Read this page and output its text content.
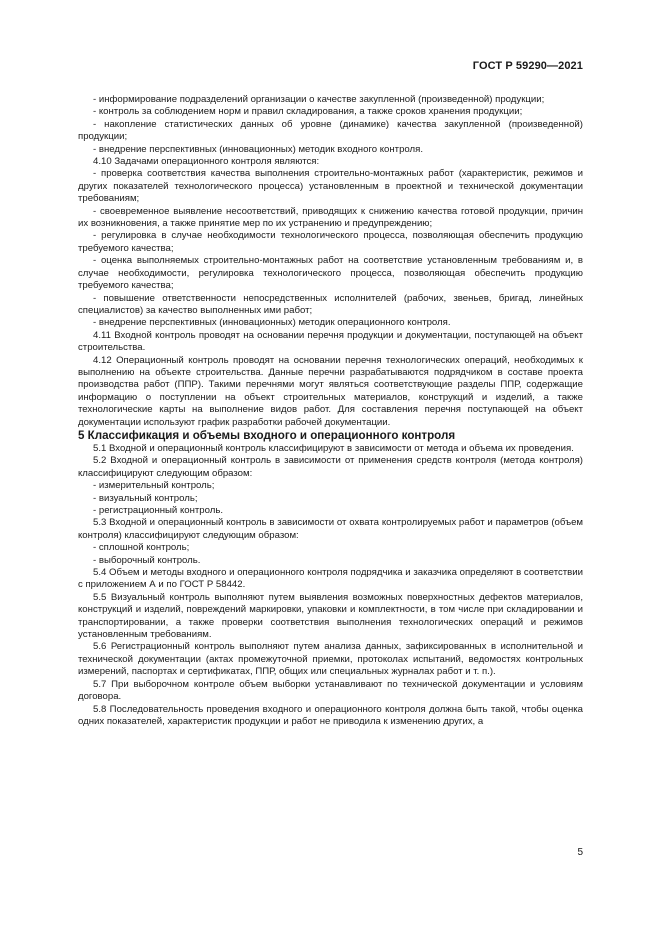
ГОСТ Р 59290—2021

- информирование подразделений организации о качестве закупленной (произведенной) продукции;

- контроль за соблюдением норм и правил складирования, а также сроков хранения продукции;

- накопление статистических данных об уровне (динамике) качества закупленной (произведенной) продукции;

- внедрение перспективных (инновационных) методик входного контроля.

4.10 Задачами операционного контроля являются:

- проверка соответствия качества выполнения строительно-монтажных работ (характеристик, режимов и других показателей технологического процесса) установленным в проектной и технической документации требованиям;

- своевременное выявление несоответствий, приводящих к снижению качества готовой продукции, причин их возникновения, а также принятие мер по их устранению и предупреждению;

- регулировка в случае необходимости технологического процесса, позволяющая обеспечить продукцию требуемого качества;

- оценка выполняемых строительно-монтажных работ на соответствие установленным требованиям и, в случае необходимости, регулировка технологического процесса, позволяющая обеспечить продукцию требуемого качества;

- повышение ответственности непосредственных исполнителей (рабочих, звеньев, бригад, линейных специалистов) за качество выполненных ими работ;

- внедрение перспективных (инновационных) методик операционного контроля.

4.11 Входной контроль проводят на основании перечня продукции и документации, поступающей на объект строительства.

4.12 Операционный контроль проводят на основании перечня технологических операций, необходимых к выполнению на объекте строительства. Данные перечни разрабатываются подрядчиком в составе проекта производства работ (ППР). Такими перечнями могут являться соответствующие разделы ППР, содержащие информацию о поступлении на объект строительных материалов, конструкций и изделий, а также технологические карты на выполнение видов работ. Для составления перечня поступающей на объект документации используют график разработки рабочей документации.

5 Классификация и объемы входного и операционного контроля

5.1 Входной и операционный контроль классифицируют в зависимости от метода и объема их проведения.

5.2 Входной и операционный контроль в зависимости от применения средств контроля (метода контроля) классифицируют следующим образом:

- измерительный контроль;

- визуальный контроль;

- регистрационный контроль.

5.3 Входной и операционный контроль в зависимости от охвата контролируемых работ и параметров (объем контроля) классифицируют следующим образом:

- сплошной контроль;

- выборочный контроль.

5.4 Объем и методы входного и операционного контроля подрядчика и заказчика определяют в соответствии с приложением А и по ГОСТ Р 58442.

5.5 Визуальный контроль выполняют путем выявления возможных поверхностных дефектов материалов, конструкций и изделий, повреждений маркировки, упаковки и комплектности, в том числе при складировании и транспортировании, а также проверки соответствия выполнения технологических операций и режимов установленным требованиям.

5.6 Регистрационный контроль выполняют путем анализа данных, зафиксированных в исполнительной и технической документации (актах промежуточной приемки, протоколах испытаний, ведомостях контрольных измерений, паспортах и сертификатах, ППР, общих или специальных журналах работ и т. п.).

5.7 При выборочном контроле объем выборки устанавливают по технической документации и условиям договора.

5.8 Последовательность проведения входного и операционного контроля должна быть такой, чтобы оценка одних показателей, характеристик продукции и работ не приводила к изменению других, а

5
